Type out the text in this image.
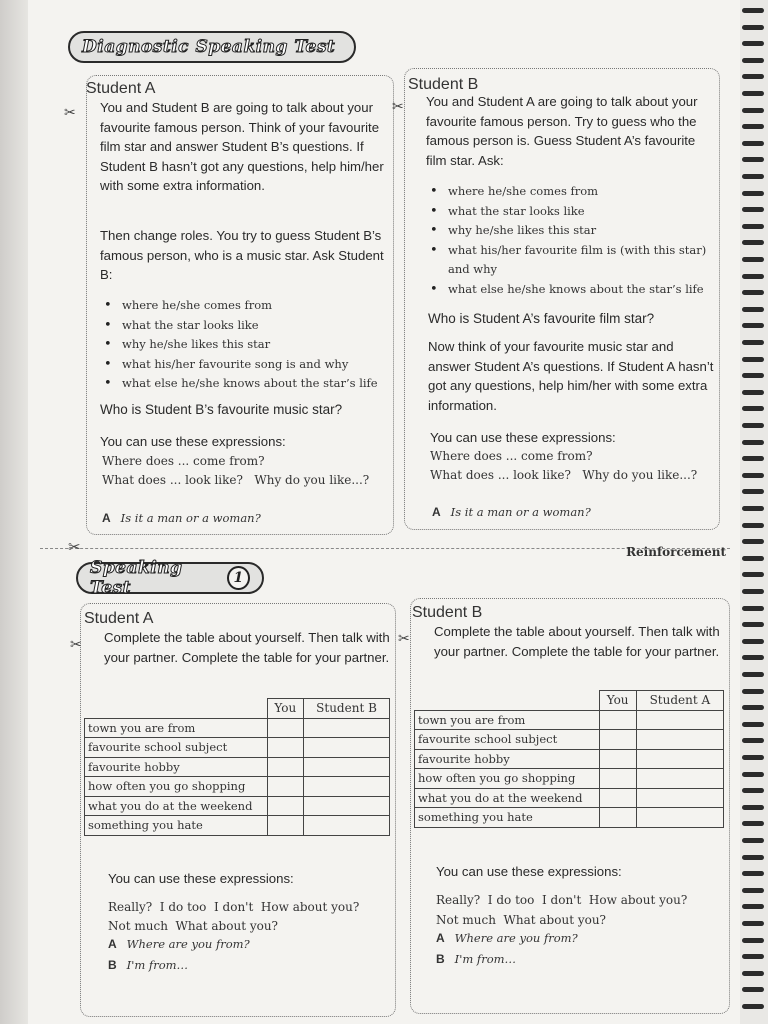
Diagnostic Speaking Test
Student A
✂ You and Student B are going to talk about your favourite famous person. Think of your favourite film star and answer Student B’s questions. If Student B hasn’t got any questions, help him/her with some extra information.
Then change roles. You try to guess Student B’s famous person, who is a music star. Ask Student B:
• where he/she comes from
• what the star looks like
• why he/she likes this star
• what his/her favourite song is and why
• what else he/she knows about the star’s life
Who is Student B’s favourite music star?
You can use these expressions:
Where does ... come from?
What does ... look like?   Why do you like...?
A Is it a man or a woman?
Student B
✂ You and Student A are going to talk about your favourite famous person. Try to guess who the famous person is. Guess Student A’s favourite film star. Ask:
• where he/she comes from
• what the star looks like
• why he/she likes this star
• what his/her favourite film is (with this star) and why
• what else he/she knows about the star’s life
Who is Student A’s favourite film star?
Now think of your favourite music star and answer Student A’s questions. If Student A hasn’t got any questions, help him/her with some extra information.
You can use these expressions:
Where does ... come from?
What does ... look like?   Why do you like...?
A Is it a man or a woman?
✂	Reinforcement
Speaking Test	1
Student A
✂ Complete the table about yourself. Then talk with your partner. Complete the table for your partner.
	You	Student B
town you are from		
favourite school subject		
favourite hobby		
how often you go shopping		
what you do at the weekend		
something you hate		
You can use these expressions:
Really?  I do too  I don't  How about you?
Not much  What about you?
A Where are you from?
B I'm from…
Student B
✂ Complete the table about yourself. Then talk with your partner. Complete the table for your partner.
	You	Student A
town you are from		
favourite school subject		
favourite hobby		
how often you go shopping		
what you do at the weekend		
something you hate		
You can use these expressions:
Really?  I do too  I don't  How about you?
Not much  What about you?
A Where are you from?
B I'm from…
